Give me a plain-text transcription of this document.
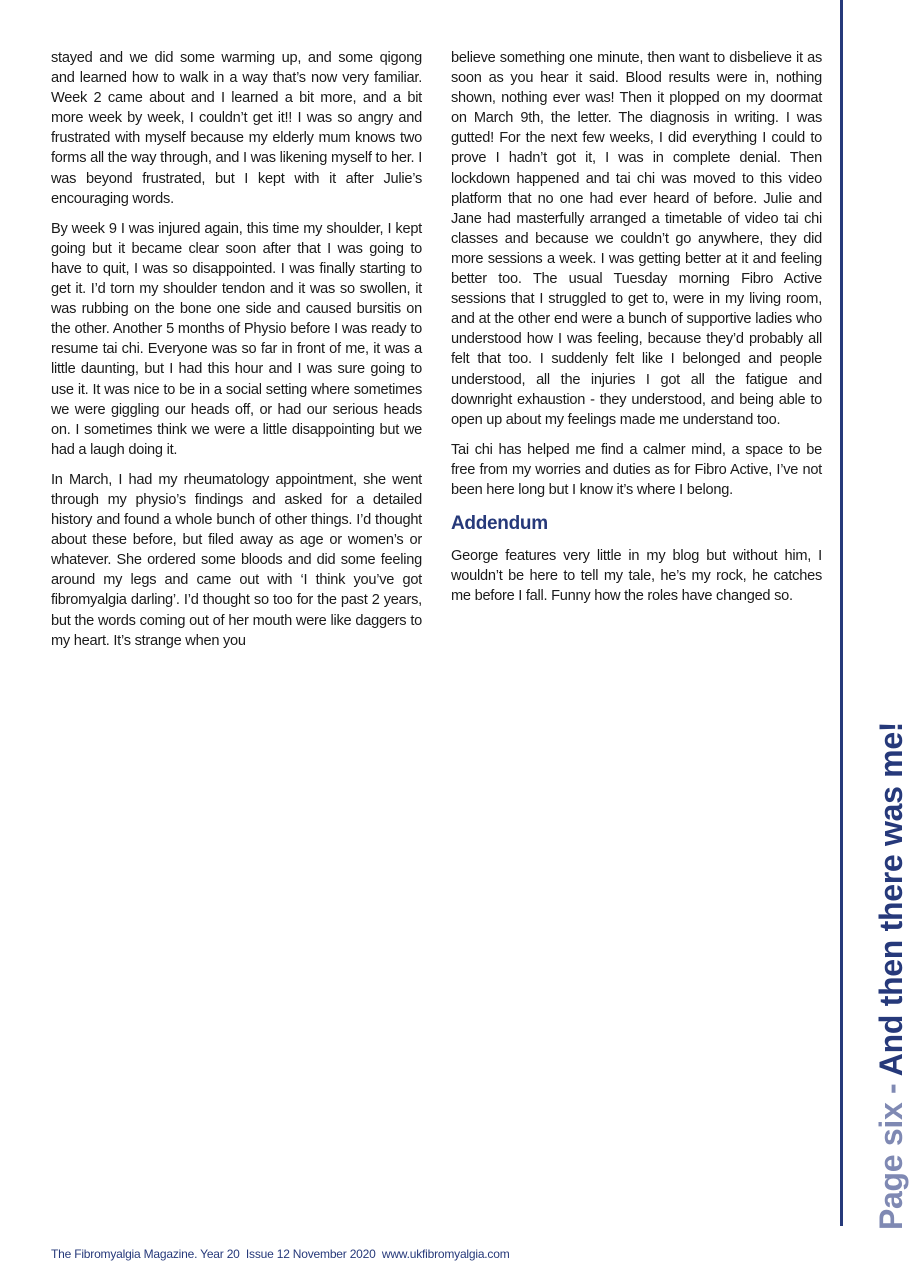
stayed and we did some warming up, and some qigong and learned how to walk in a way that’s now very familiar. Week 2 came about and I learned a bit more, and a bit more week by week, I couldn’t get it!! I was so angry and frustrated with myself because my elderly mum knows two forms all the way through, and I was likening myself to her. I was beyond frustrated, but I kept with it after Julie’s encouraging words.

By week 9 I was injured again, this time my shoulder, I kept going but it became clear soon after that I was going to have to quit, I was so disappointed. I was finally starting to get it. I’d torn my shoulder tendon and it was so swollen, it was rubbing on the bone one side and caused bursitis on the other. Another 5 months of Physio before I was ready to resume tai chi. Everyone was so far in front of me, it was a little daunting, but I had this hour and I was sure going to use it. It was nice to be in a social setting where sometimes we were giggling our heads off, or had our serious heads on. I sometimes think we were a little disappointing but we had a laugh doing it.

In March, I had my rheumatology appointment, she went through my physio’s findings and asked for a detailed history and found a whole bunch of other things. I’d thought about these before, but filed away as age or women’s or whatever. She ordered some bloods and did some feeling around my legs and came out with ‘I think you’ve got fibromyalgia darling’. I’d thought so too for the past 2 years, but the words coming out of her mouth were like daggers to my heart. It’s strange when you

believe something one minute, then want to disbelieve it as soon as you hear it said. Blood results were in, nothing shown, nothing ever was! Then it plopped on my doormat on March 9th, the letter. The diagnosis in writing. I was gutted! For the next few weeks, I did everything I could to prove I hadn’t got it, I was in complete denial. Then lockdown happened and tai chi was moved to this video platform that no one had ever heard of before. Julie and Jane had masterfully arranged a timetable of video tai chi classes and because we couldn’t go anywhere, they did more sessions a week. I was getting better at it and feeling better too. The usual Tuesday morning Fibro Active sessions that I struggled to get to, were in my living room, and at the other end were a bunch of supportive ladies who understood how I was feeling, because they’d probably all felt that too. I suddenly felt like I belonged and people understood, all the injuries I got all the fatigue and downright exhaustion - they understood, and being able to open up about my feelings made me understand too.

Tai chi has helped me find a calmer mind, a space to be free from my worries and duties as for Fibro Active, I’ve not been here long but I know it’s where I belong.

Addendum

George features very little in my blog but without him, I wouldn’t be here to tell my tale, he’s my rock, he catches me before I fall. Funny how the roles have changed so.

Page six - And then there was me!
The Fibromyalgia Magazine. Year 20  Issue 12 November 2020  www.ukfibromyalgia.com
